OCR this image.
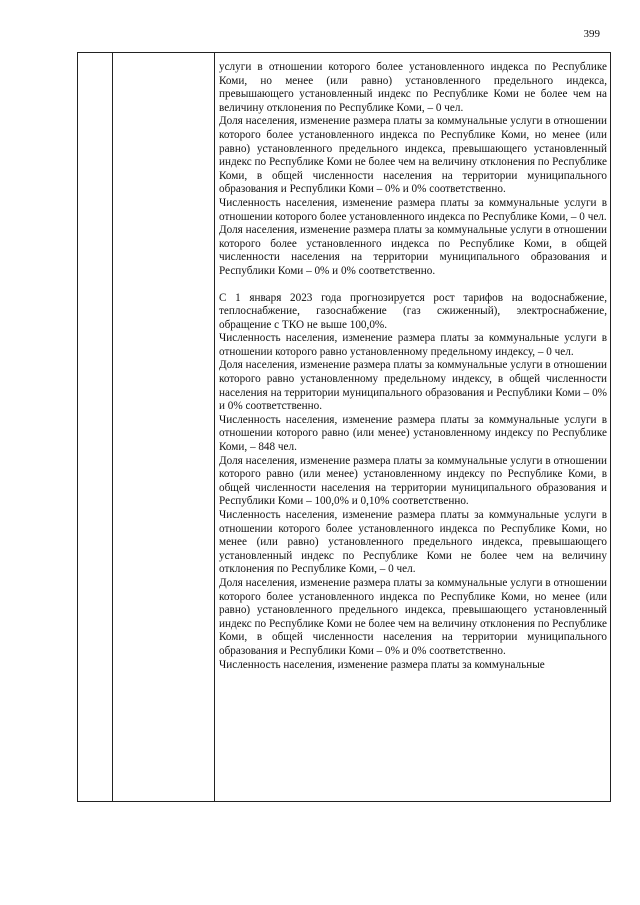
399

услуги в отношении которого более установленного индекса по Республике Коми, но менее (или равно) установленного предельного индекса, превышающего установленный индекс по Республике Коми не более чем на величину отклонения по Республике Коми, – 0 чел.

Доля населения, изменение размера платы за коммунальные услуги в отношении которого более установленного индекса по Республике Коми, но менее (или равно) установленного предельного индекса, превышающего установленный индекс по Республике Коми не более чем на величину отклонения по Республике Коми, в общей численности населения на территории муниципального образования и Республики Коми – 0% и 0% соответственно.

Численность населения, изменение размера платы за коммунальные услуги в отношении которого более установленного индекса по Республике Коми, – 0 чел.

Доля населения, изменение размера платы за коммунальные услуги в отношении которого более установленного индекса по Республике Коми, в общей численности населения на территории муниципального образования и Республики Коми – 0% и 0% соответственно.

С 1 января 2023 года прогнозируется рост тарифов на водоснабжение, теплоснабжение, газоснабжение (газ сжиженный), электроснабжение, обращение с ТКО не выше 100,0%.

Численность населения, изменение размера платы за коммунальные услуги в отношении которого равно установленному предельному индексу, – 0 чел.

Доля населения, изменение размера платы за коммунальные услуги в отношении которого равно установленному предельному индексу, в общей численности населения на территории муниципального образования и Республики Коми – 0% и 0% соответственно.

Численность населения, изменение размера платы за коммунальные услуги в отношении которого равно (или менее) установленному индексу по Республике Коми, – 848 чел.

Доля населения, изменение размера платы за коммунальные услуги в отношении которого равно (или менее) установленному индексу по Республике Коми, в общей численности населения на территории муниципального образования и Республики Коми – 100,0% и 0,10% соответственно.

Численность населения, изменение размера платы за коммунальные услуги в отношении которого более установленного индекса по Республике Коми, но менее (или равно) установленного предельного индекса, превышающего установленный индекс по Республике Коми не более чем на величину отклонения по Республике Коми, – 0 чел.

Доля населения, изменение размера платы за коммунальные услуги в отношении которого более установленного индекса по Республике Коми, но менее (или равно) установленного предельного индекса, превышающего установленный индекс по Республике Коми не более чем на величину отклонения по Республике Коми, в общей численности населения на территории муниципального образования и Республики Коми – 0% и 0% соответственно.

Численность населения, изменение размера платы за коммунальные
